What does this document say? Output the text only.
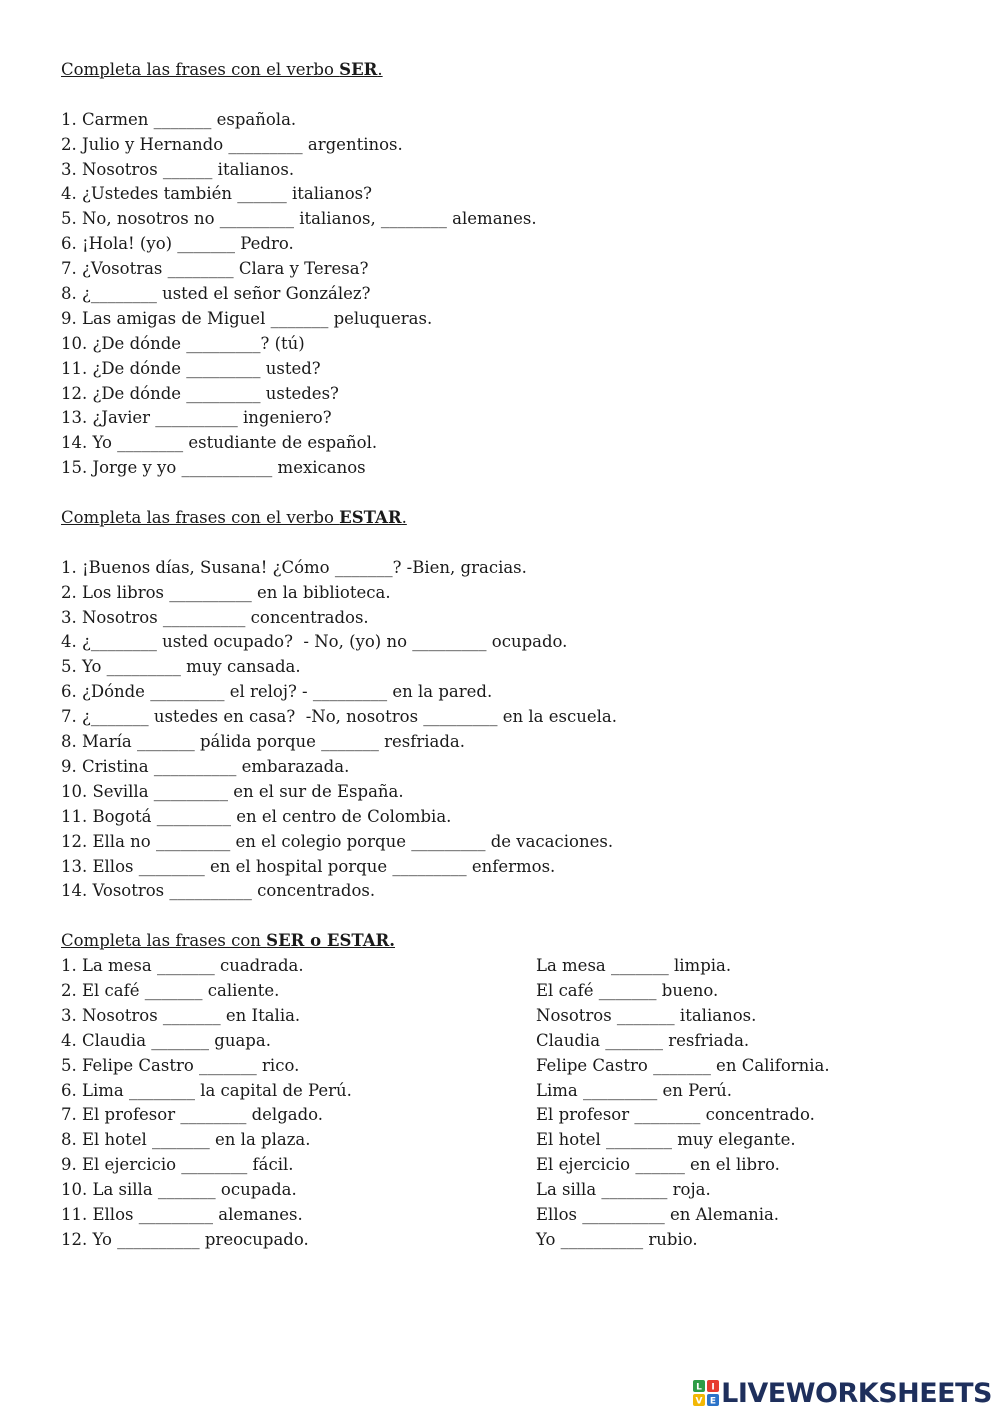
Completa las frases con el verbo SER.
1. Carmen _______ española.
2. Julio y Hernando _________ argentinos.
3. Nosotros ______ italianos.
4. ¿Ustedes también ______ italianos?
5. No, nosotros no _________ italianos, ________ alemanes.
6. ¡Hola! (yo) _______ Pedro.
7. ¿Vosotras ________ Clara y Teresa?
8. ¿________ usted el señor González?
9. Las amigas de Miguel _______ peluqueras.
10. ¿De dónde _________? (tú)
11. ¿De dónde _________ usted?
12. ¿De dónde _________ ustedes?
13. ¿Javier __________ ingeniero?
14. Yo ________ estudiante de español.
15. Jorge y yo ___________ mexicanos
Completa las frases con el verbo ESTAR.
1. ¡Buenos días, Susana! ¿Cómo _______? -Bien, gracias.
2. Los libros __________ en la biblioteca.
3. Nosotros __________ concentrados.
4. ¿________ usted ocupado?  - No, (yo) no _________ ocupado.
5. Yo _________ muy cansada.
6. ¿Dónde _________ el reloj? - _________ en la pared.
7. ¿_______ ustedes en casa?  -No, nosotros _________ en la escuela.
8. María _______ pálida porque _______ resfriada.
9. Cristina __________ embarazada.
10. Sevilla _________ en el sur de España.
11. Bogotá _________ en el centro de Colombia.
12. Ella no _________ en el colegio porque _________ de vacaciones.
13. Ellos ________ en el hospital porque _________ enfermos.
14. Vosotros __________ concentrados.
Completa las frases con SER o ESTAR.
1. La mesa _______ cuadrada.	La mesa _______ limpia.
2. El café _______ caliente.	El café _______ bueno.
3. Nosotros _______ en Italia.	Nosotros _______ italianos.
4. Claudia _______ guapa.	Claudia _______ resfriada.
5. Felipe Castro _______ rico.	Felipe Castro _______ en California.
6. Lima ________ la capital de Perú.	Lima _________ en Perú.
7. El profesor ________ delgado.	El profesor ________ concentrado.
8. El hotel _______ en la plaza.	El hotel ________ muy elegante.
9. El ejercicio ________ fácil.	El ejercicio ______ en el libro.
10. La silla _______ ocupada.	La silla ________ roja.
11. Ellos _________ alemanes.	Ellos __________ en Alemania.
12. Yo __________ preocupado.	Yo __________ rubio.
L I
V E LIVEWORKSHEETS
